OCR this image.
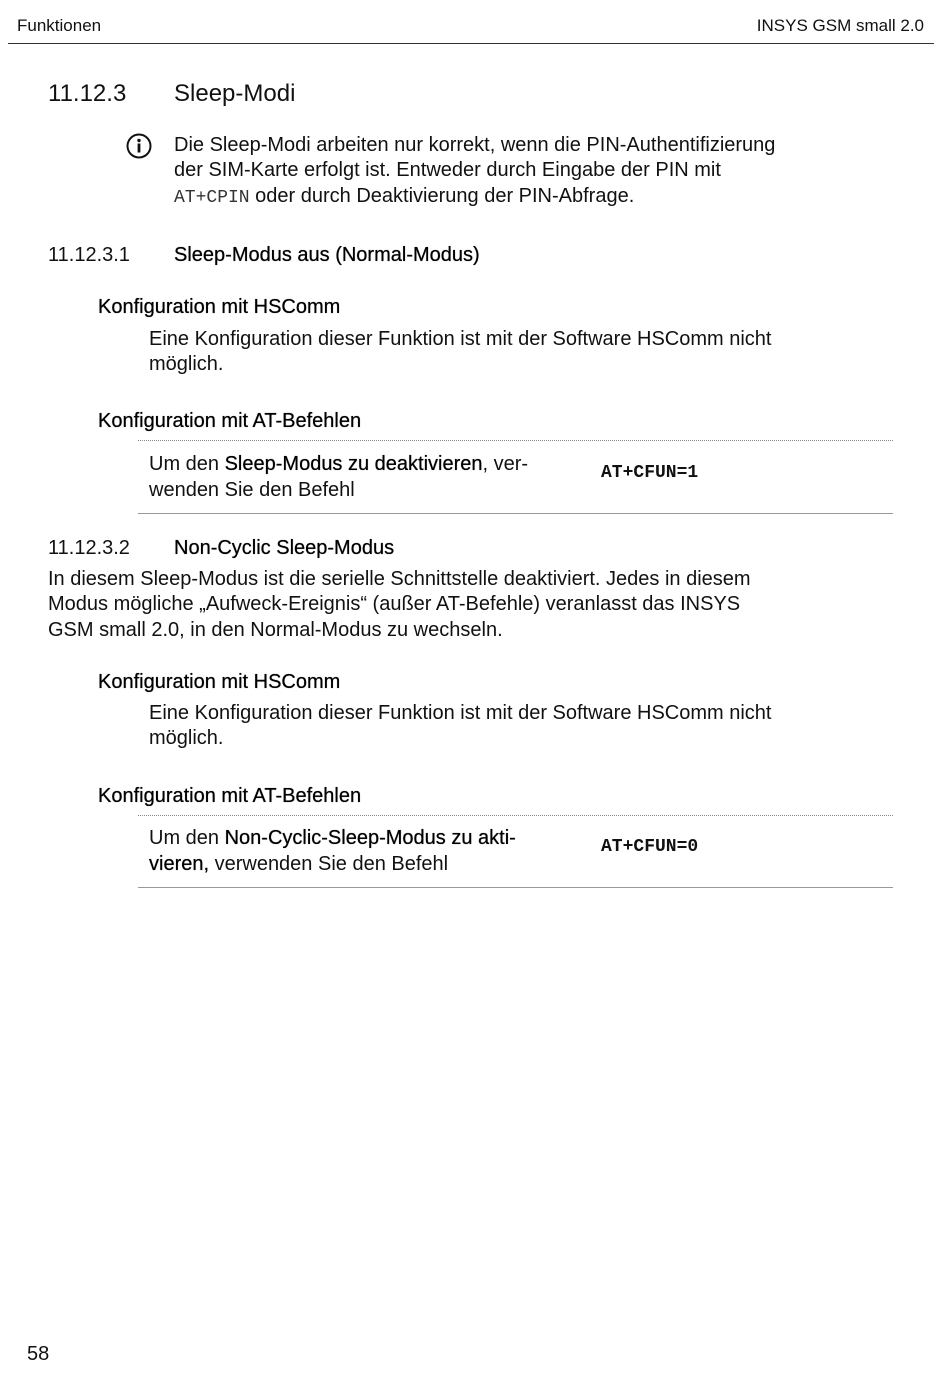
Funktionen	INSYS GSM small 2.0
11.12.3 Sleep-Modi
Die Sleep-Modi arbeiten nur korrekt, wenn die PIN-Authentifizierung
der SIM-Karte erfolgt ist. Entweder durch Eingabe der PIN mit
AT+CPIN oder durch Deaktivierung der PIN-Abfrage.
11.12.3.1 Sleep-Modus aus (Normal-Modus)
Konfiguration mit HSComm
Eine Konfiguration dieser Funktion ist mit der Software HSComm nicht
möglich.
Konfiguration mit AT-Befehlen
Um den Sleep-Modus zu deaktivieren, ver-
wenden Sie den Befehl
AT+CFUN=1
11.12.3.2 Non-Cyclic Sleep-Modus
In diesem Sleep-Modus ist die serielle Schnittstelle deaktiviert. Jedes in diesem
Modus mögliche „Aufweck-Ereignis“ (außer AT-Befehle) veranlasst das INSYS
GSM small 2.0, in den Normal-Modus zu wechseln.
Konfiguration mit HSComm
Eine Konfiguration dieser Funktion ist mit der Software HSComm nicht
möglich.
Konfiguration mit AT-Befehlen
Um den Non-Cyclic-Sleep-Modus zu akti-
vieren, verwenden Sie den Befehl
AT+CFUN=0
58
